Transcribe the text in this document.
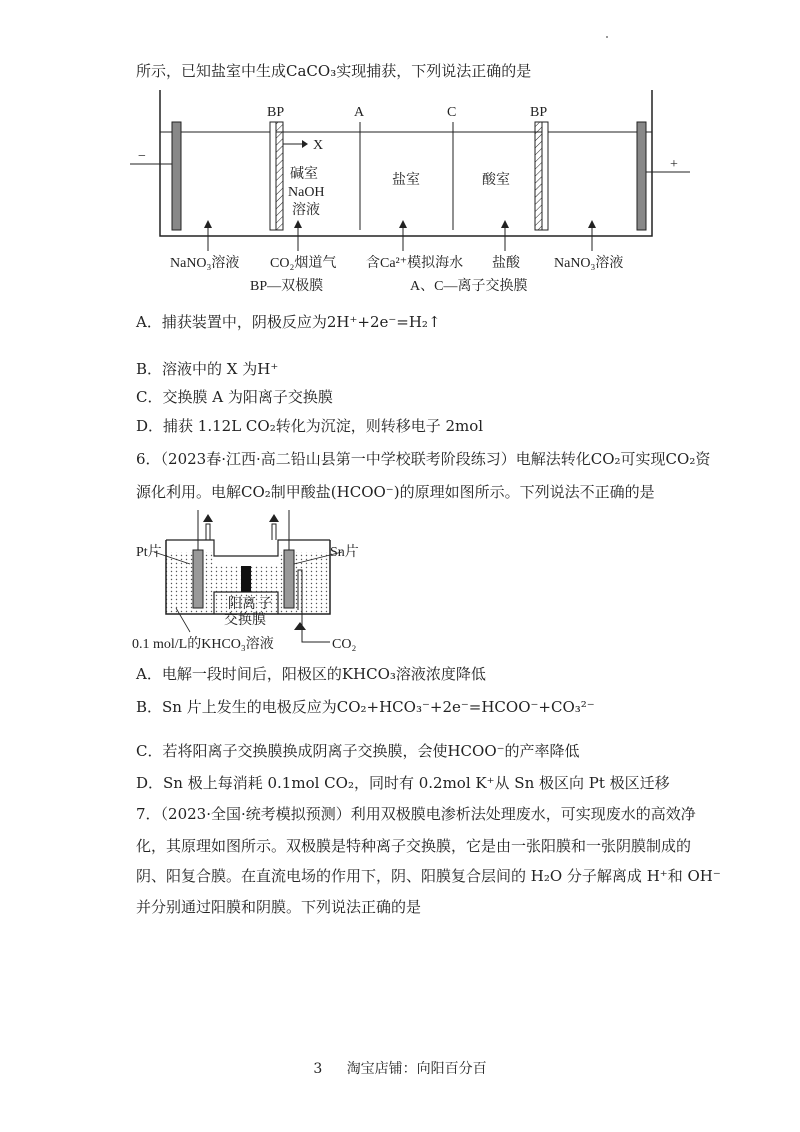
所示，已知盐室中生成CaCO₃实现捕获，下列说法正确的是
−
+
BP	BP
A	C
X
碱室
NaOH
溶液
盐室	酸室
NaNO₃溶液 CO₂烟道气 含Ca²⁺模拟海水 盐酸 NaNO₃溶液
BP—双极膜	A、C—离子交换膜
A．捕获装置中，阴极反应为2H⁺+2e⁻=H₂↑
B．溶液中的 X 为H⁺
C．交换膜 A 为阳离子交换膜
D．捕获 1.12L CO₂转化为沉淀，则转移电子 2mol
6．（2023春·江西·高二铅山县第一中学校联考阶段练习）电解法转化CO₂可实现CO₂资
源化利用。电解CO₂制甲酸盐(HCOO⁻)的原理如图所示。下列说法不正确的是
Pt片	Sn片
阳离 子
交换膜
0.1 mol/L的KHCO₃溶液	CO₂
A．电解一段时间后，阳极区的KHCO₃溶液浓度降低
B．Sn 片上发生的电极反应为CO₂+HCO₃⁻+2e⁻=HCOO⁻+CO₃²⁻
C．若将阳离子交换膜换成阴离子交换膜，会使HCOO⁻的产率降低
D．Sn 极上每消耗 0.1mol CO₂，同时有 0.2mol K⁺从 Sn 极区向 Pt 极区迁移
7．（2023·全国·统考模拟预测）利用双极膜电渗析法处理废水，可实现废水的高效净
化，其原理如图所示。双极膜是特种离子交换膜，它是由一张阳膜和一张阴膜制成的
阴、阳复合膜。在直流电场的作用下，阴、阳膜复合层间的 H₂O 分子解离成 H⁺和 OH⁻
并分别通过阳膜和阴膜。下列说法正确的是
3 淘宝店铺：向阳百分百
